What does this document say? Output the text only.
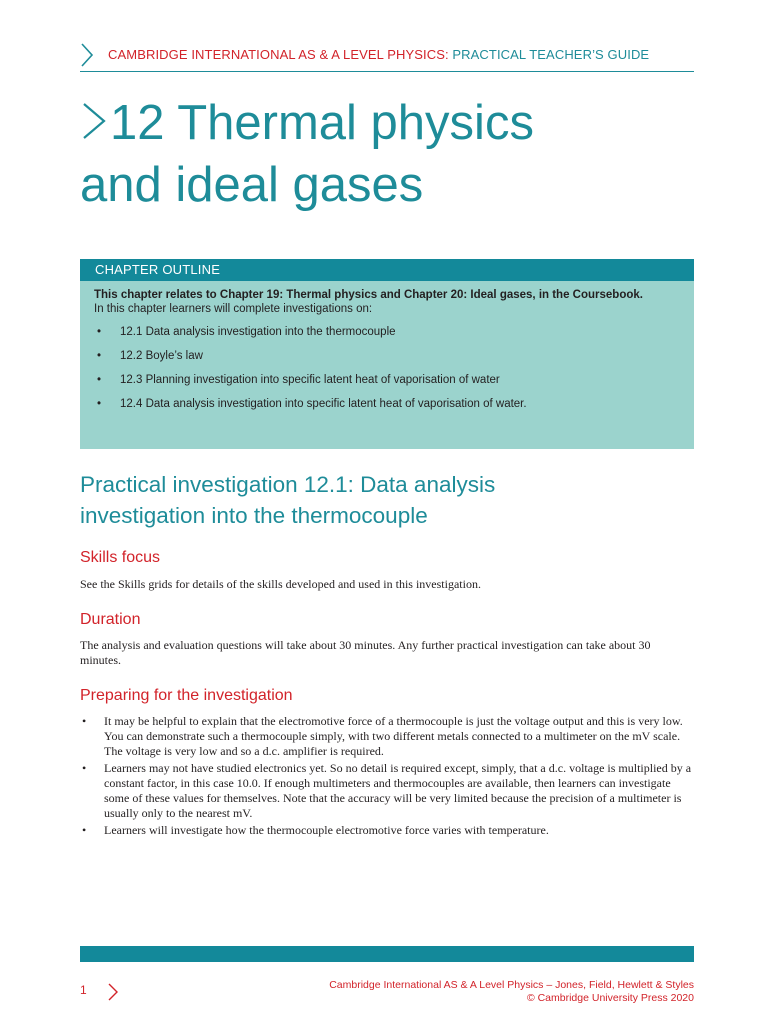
CAMBRIDGE INTERNATIONAL AS & A LEVEL PHYSICS: PRACTICAL TEACHER’S GUIDE
12 Thermal physics
and ideal gases
CHAPTER OUTLINE
This chapter relates to Chapter 19: Thermal physics and Chapter 20: Ideal gases, in the Coursebook.
In this chapter learners will complete investigations on:
• 12.1 Data analysis investigation into the thermocouple
• 12.2 Boyle’s law
• 12.3 Planning investigation into specific latent heat of vaporisation of water
• 12.4 Data analysis investigation into specific latent heat of vaporisation of water.
Practical investigation 12.1: Data analysis
investigation into the thermocouple
Skills focus
See the Skills grids for details of the skills developed and used in this investigation.
Duration
The analysis and evaluation questions will take about 30 minutes. Any further practical investigation can take about 30 minutes.
Preparing for the investigation
• It may be helpful to explain that the electromotive force of a thermocouple is just the voltage output and this is very low. You can demonstrate such a thermocouple simply, with two different metals connected to a multimeter on the mV scale. The voltage is very low and so a d.c. amplifier is required.
• Learners may not have studied electronics yet. So no detail is required except, simply, that a d.c. voltage is multiplied by a constant factor, in this case 10.0. If enough multimeters and thermocouples are available, then learners can investigate some of these values for themselves. Note that the accuracy will be very limited because the precision of a multimeter is usually only to the nearest mV.
• Learners will investigate how the thermocouple electromotive force varies with temperature.
1	Cambridge International AS & A Level Physics – Jones, Field, Hewlett & Styles
© Cambridge University Press 2020
